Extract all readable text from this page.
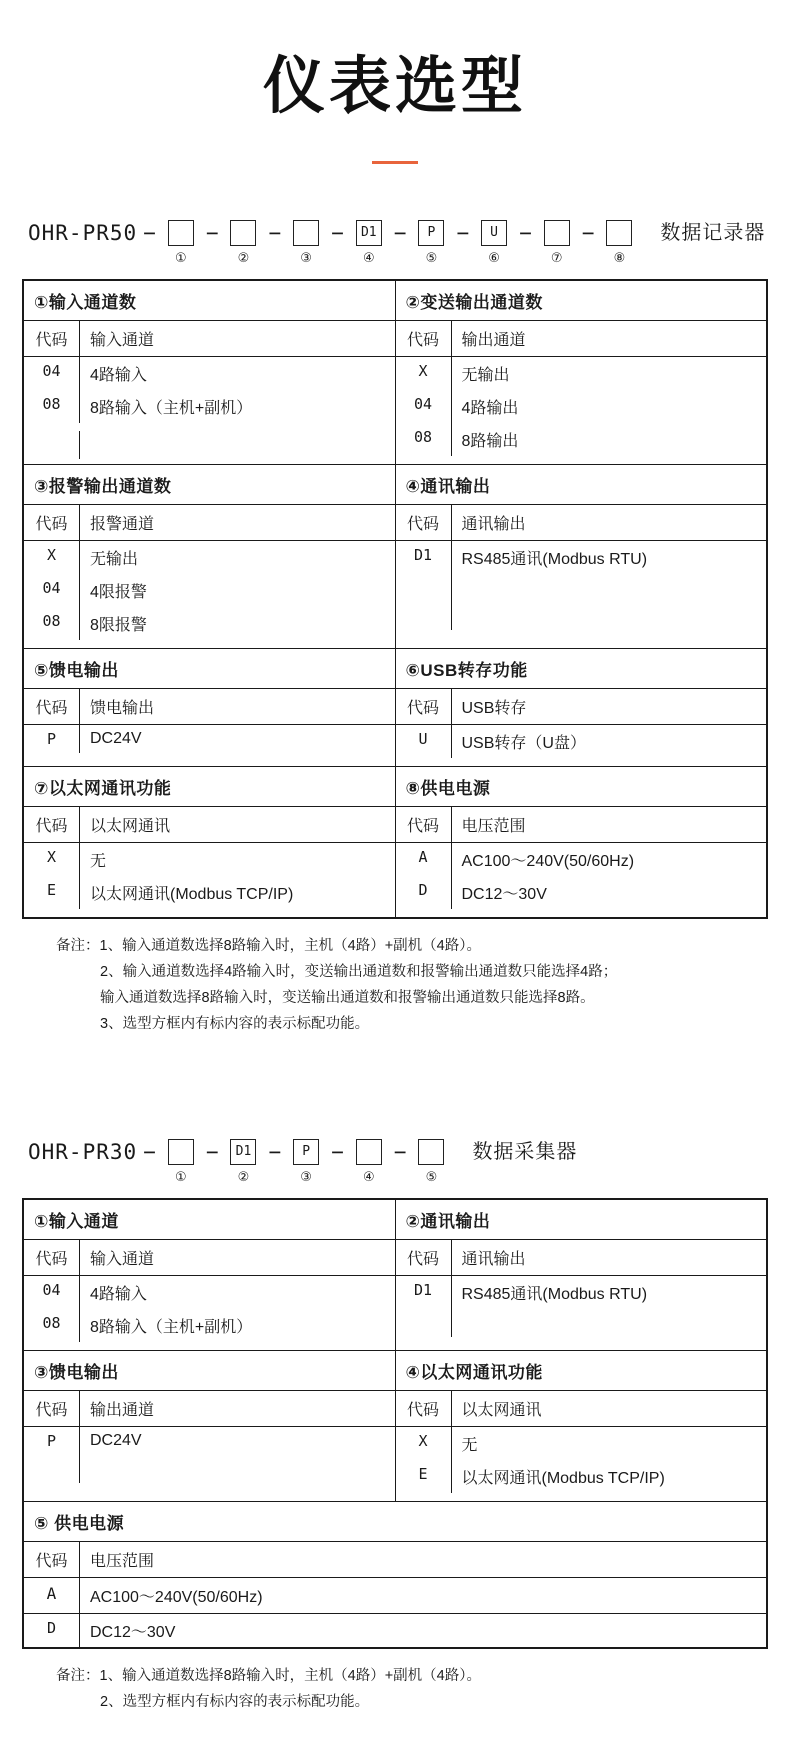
仪表选型
OHR-PR50 −
①
−
②
−
③
−	D1
④
−	P
⑤
−	U
⑥
−
⑦
−
⑧
数据记录器
①输入通道数	②变送输出通道数

代码	输入通道
04	4路输入
08	8路输入（主机+副机）

代码	输出通道
X	无输出
04	4路输出
08	8路输出

③报警输出通道数	④通讯输出

代码	报警通道
X	无输出
04	4限报警
08	8限报警

代码	通讯输出
D1	RS485通讯(Modbus RTU)

⑤馈电输出	⑥USB转存功能

代码	馈电输出
P	DC24V

代码	USB转存
U	USB转存（U盘）

⑦以太网通讯功能	⑧供电电源

代码	以太网通讯
X	无
E	以太网通讯(Modbus TCP/IP)

代码	电压范围
A	AC100～240V(50/60Hz)
D	DC12～30V
备注： 1、 输入通道数选择8路输入时，主机（4路）+副机（4路）。
2、 输入通道数选择4路输入时，变送输出通道数和报警输出通道数只能选择4路；
输入通道数选择8路输入时，变送输出通道数和报警输出通道数只能选择8路。
3、 选型方框内有标内容的表示标配功能。
OHR-PR30 −
①
−	D1
②
−	P
③
−
④
−
⑤
数据采集器
①输入通道	②通讯输出

代码	输入通道
04	4路输入
08	8路输入（主机+副机）

代码	通讯输出
D1	RS485通讯(Modbus RTU)

③馈电输出	④以太网通讯功能

代码	输出通道
P	DC24V

代码	以太网通讯
X	无
E	以太网通讯(Modbus TCP/IP)

⑤ 供电电源	

代码	电压范围
A	AC100～240V(50/60Hz)
D	DC12～30V
备注： 1、 输入通道数选择8路输入时，主机（4路）+副机（4路）。
2、 选型方框内有标内容的表示标配功能。
